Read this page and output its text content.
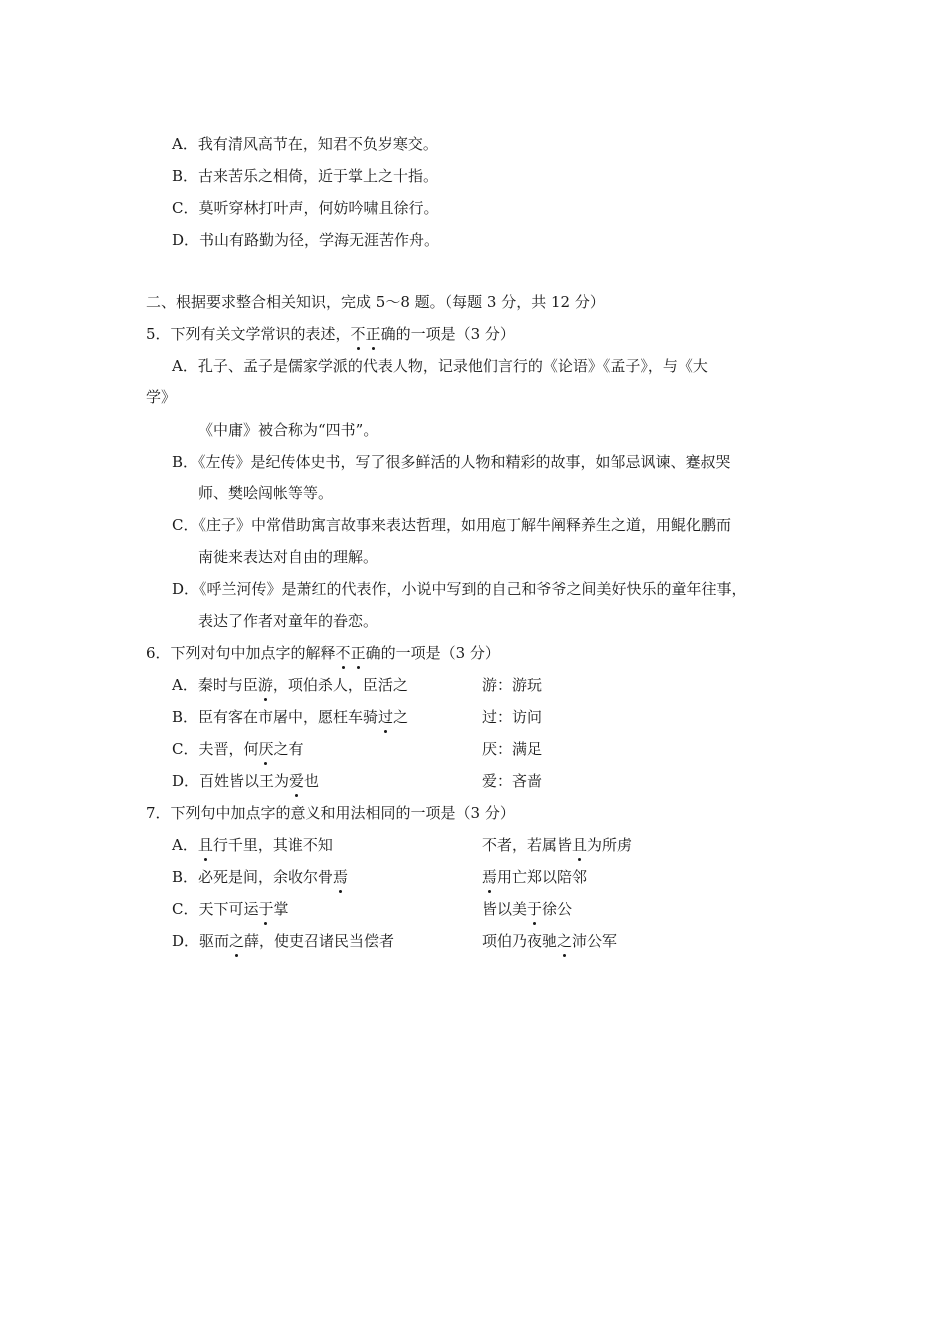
A．我有清风高节在，知君不负岁寒交。
B．古来苦乐之相倚，近于掌上之十指。
C．莫听穿林打叶声，何妨吟啸且徐行。
D．书山有路勤为径，学海无涯苦作舟。
二、根据要求整合相关知识，完成 5～8 题。（每题 3 分，共 12 分）
5．下列有关文学常识的表述，不正确的一项是（3 分）
A．孔子、孟子是儒家学派的代表人物，记录他们言行的《论语》《孟子》，与《大
学》
《中庸》被合称为“四书”。
B．《左传》是纪传体史书，写了很多鲜活的人物和精彩的故事，如邹忌讽谏、蹇叔哭
师、樊哙闯帐等等。
C．《庄子》中常借助寓言故事来表达哲理，如用庖丁解牛阐释养生之道，用鲲化鹏而
南徙来表达对自由的理解。
D．《呼兰河传》是萧红的代表作，小说中写到的自己和爷爷之间美好快乐的童年往事，
表达了作者对童年的眷恋。
6．下列对句中加点字的解释不正确的一项是（3 分）
A．秦时与臣游，项伯杀人，臣活之	游：游玩
B．臣有客在市屠中，愿枉车骑过之	过：访问
C．夫晋，何厌之有	厌：满足
D．百姓皆以王为爱也	爱：吝啬
7．下列句中加点字的意义和用法相同的一项是（3 分）
A．且行千里，其谁不知	不者，若属皆且为所虏
B．必死是间，余收尔骨焉	焉用亡郑以陪邻
C．天下可运于掌	皆以美于徐公
D．驱而之薛，使吏召诸民当偿者	项伯乃夜驰之沛公军
